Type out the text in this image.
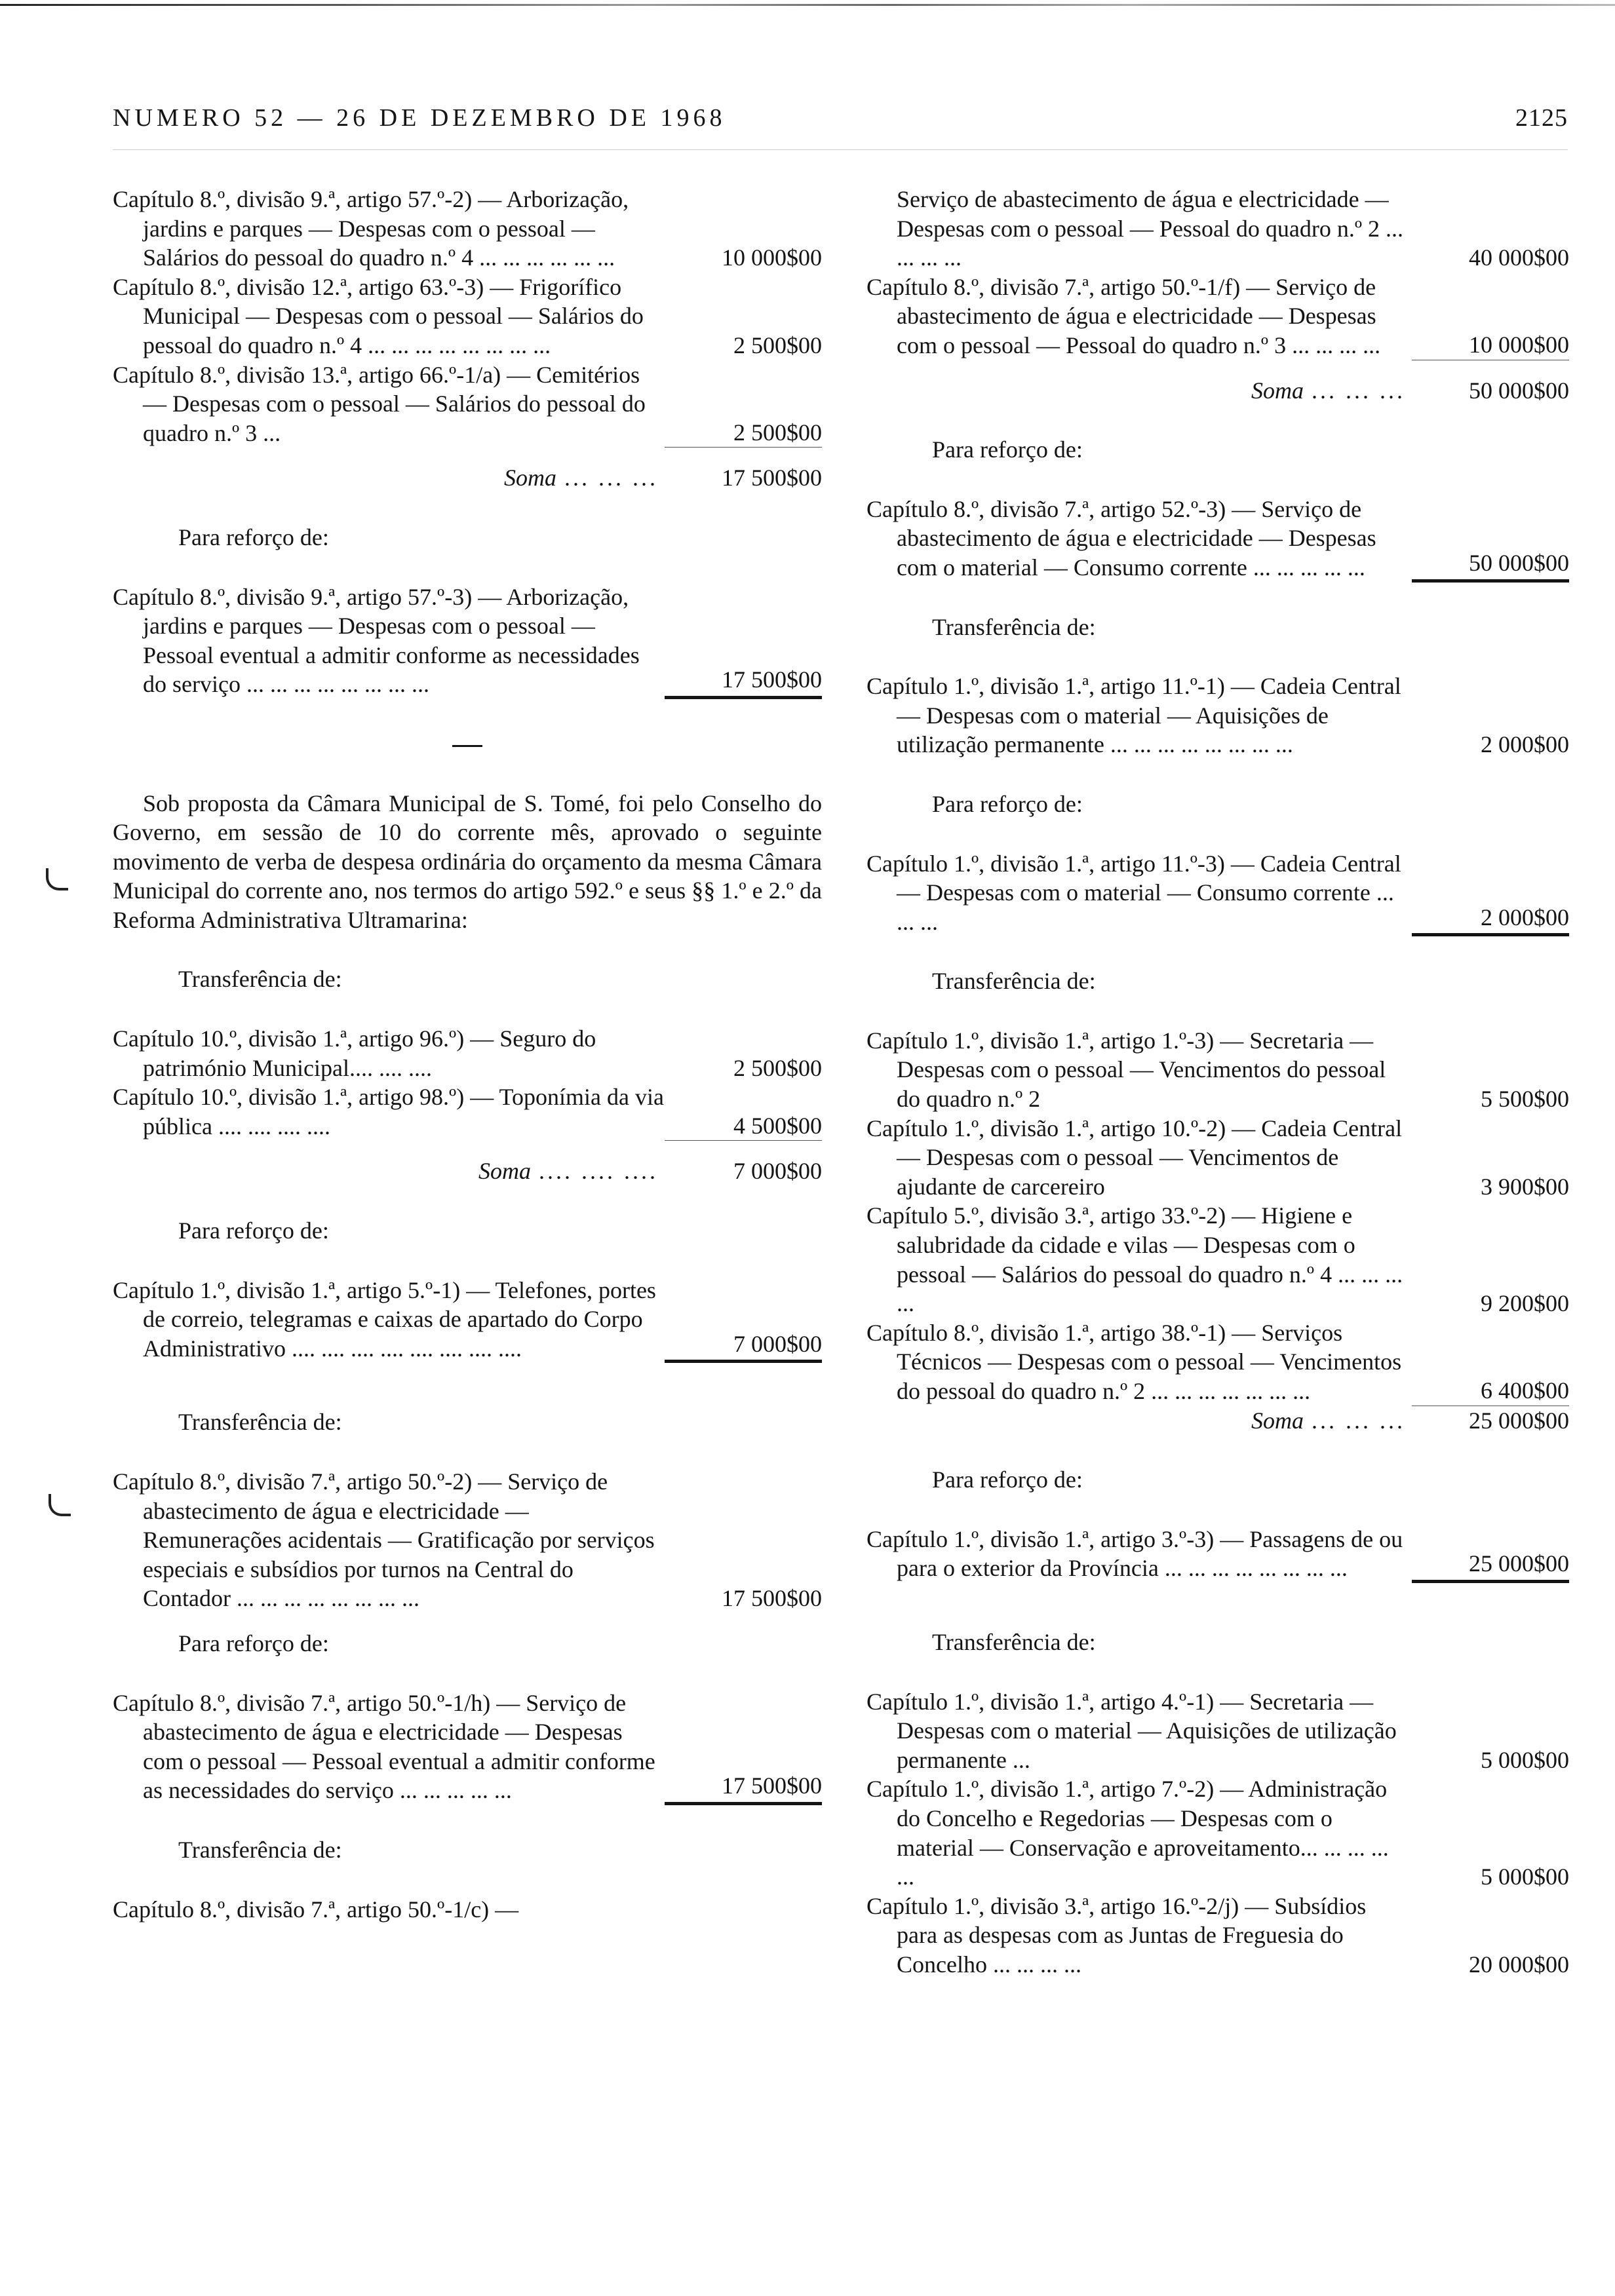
NUMERO 52 — 26 DE DEZEMBRO DE 1968	2125
Capítulo 8.º, divisão 9.ª, artigo 57.º-2) — Arborização, jardins e parques — Despesas com o pessoal — Salários do pessoal do quadro n.º 4 ... ... ... ... ... ...	10 000$00
Capítulo 8.º, divisão 12.ª, artigo 63.º-3) — Frigorífico Municipal — Despesas com o pessoal — Salários do pessoal do quadro n.º 4 ... ... ... ... ... ... ... ...	2 500$00
Capítulo 8.º, divisão 13.ª, artigo 66.º-1/a) — Cemitérios — Despesas com o pessoal — Salários do pessoal do quadro n.º 3 ...	2 500$00
Soma ... ... ...	17 500$00
Para reforço de:
Capítulo 8.º, divisão 9.ª, artigo 57.º-3) — Arborização, jardins e parques — Despesas com o pessoal — Pessoal eventual a admitir conforme as necessidades do serviço ... ... ... ... ... ... ... ...	17 500$00
Sob proposta da Câmara Municipal de S. Tomé, foi pelo Conselho do Governo, em sessão de 10 do corrente mês, aprovado o seguinte movimento de verba de despesa ordinária do orçamento da mesma Câmara Municipal do corrente ano, nos termos do artigo 592.º e seus §§ 1.º e 2.º da Reforma Administrativa Ultramarina:
Transferência de:
Capítulo 10.º, divisão 1.ª, artigo 96.º) — Seguro do património Municipal.... .... ....	2 500$00
Capítulo 10.º, divisão 1.ª, artigo 98.º) — Toponímia da via pública .... .... .... ....	4 500$00
Soma .... .... ....	7 000$00
Para reforço de:
Capítulo 1.º, divisão 1.ª, artigo 5.º-1) — Telefones, portes de correio, telegramas e caixas de apartado do Corpo Administrativo .... .... .... .... .... .... .... ....	7 000$00
Transferência de:
Capítulo 8.º, divisão 7.ª, artigo 50.º-2) — Serviço de abastecimento de água e electricidade — Remunerações acidentais — Gratificação por serviços especiais e subsídios por turnos na Central do Contador ... ... ... ... ... ... ... ...	17 500$00
Para reforço de:
Capítulo 8.º, divisão 7.ª, artigo 50.º-1/h) — Serviço de abastecimento de água e electricidade — Despesas com o pessoal — Pessoal eventual a admitir conforme as necessidades do serviço ... ... ... ... ...	17 500$00
Transferência de:
Capítulo 8.º, divisão 7.ª, artigo 50.º-1/c) —
Serviço de abastecimento de água e electricidade — Despesas com o pessoal — Pessoal do quadro n.º 2 ... ... ... ...	40 000$00
Capítulo 8.º, divisão 7.ª, artigo 50.º-1/f) — Serviço de abastecimento de água e electricidade — Despesas com o pessoal — Pessoal do quadro n.º 3 ... ... ... ...	10 000$00
Soma ... ... ...	50 000$00
Para reforço de:
Capítulo 8.º, divisão 7.ª, artigo 52.º-3) — Serviço de abastecimento de água e electricidade — Despesas com o material — Consumo corrente ... ... ... ... ...	50 000$00
Transferência de:
Capítulo 1.º, divisão 1.ª, artigo 11.º-1) — Cadeia Central — Despesas com o material — Aquisições de utilização permanente ... ... ... ... ... ... ... ...	2 000$00
Para reforço de:
Capítulo 1.º, divisão 1.ª, artigo 11.º-3) — Cadeia Central — Despesas com o material — Consumo corrente ... ... ...	2 000$00
Transferência de:
Capítulo 1.º, divisão 1.ª, artigo 1.º-3) — Secretaria — Despesas com o pessoal — Vencimentos do pessoal do quadro n.º 2	5 500$00
Capítulo 1.º, divisão 1.ª, artigo 10.º-2) — Cadeia Central — Despesas com o pessoal — Vencimentos de ajudante de carcereiro	3 900$00
Capítulo 5.º, divisão 3.ª, artigo 33.º-2) — Higiene e salubridade da cidade e vilas — Despesas com o pessoal — Salários do pessoal do quadro n.º 4 ... ... ... ...	9 200$00
Capítulo 8.º, divisão 1.ª, artigo 38.º-1) — Serviços Técnicos — Despesas com o pessoal — Vencimentos do pessoal do quadro n.º 2 ... ... ... ... ... ... ...	6 400$00
Soma ... ... ...	25 000$00
Para reforço de:
Capítulo 1.º, divisão 1.ª, artigo 3.º-3) — Passagens de ou para o exterior da Província ... ... ... ... ... ... ... ...	25 000$00
Transferência de:
Capítulo 1.º, divisão 1.ª, artigo 4.º-1) — Secretaria — Despesas com o material — Aquisições de utilização permanente ...	5 000$00
Capítulo 1.º, divisão 1.ª, artigo 7.º-2) — Administração do Concelho e Regedorias — Despesas com o material — Conservação e aproveitamento... ... ... ... ...	5 000$00
Capítulo 1.º, divisão 3.ª, artigo 16.º-2/j) — Subsídios para as despesas com as Juntas de Freguesia do Concelho ... ... ... ...	20 000$00
